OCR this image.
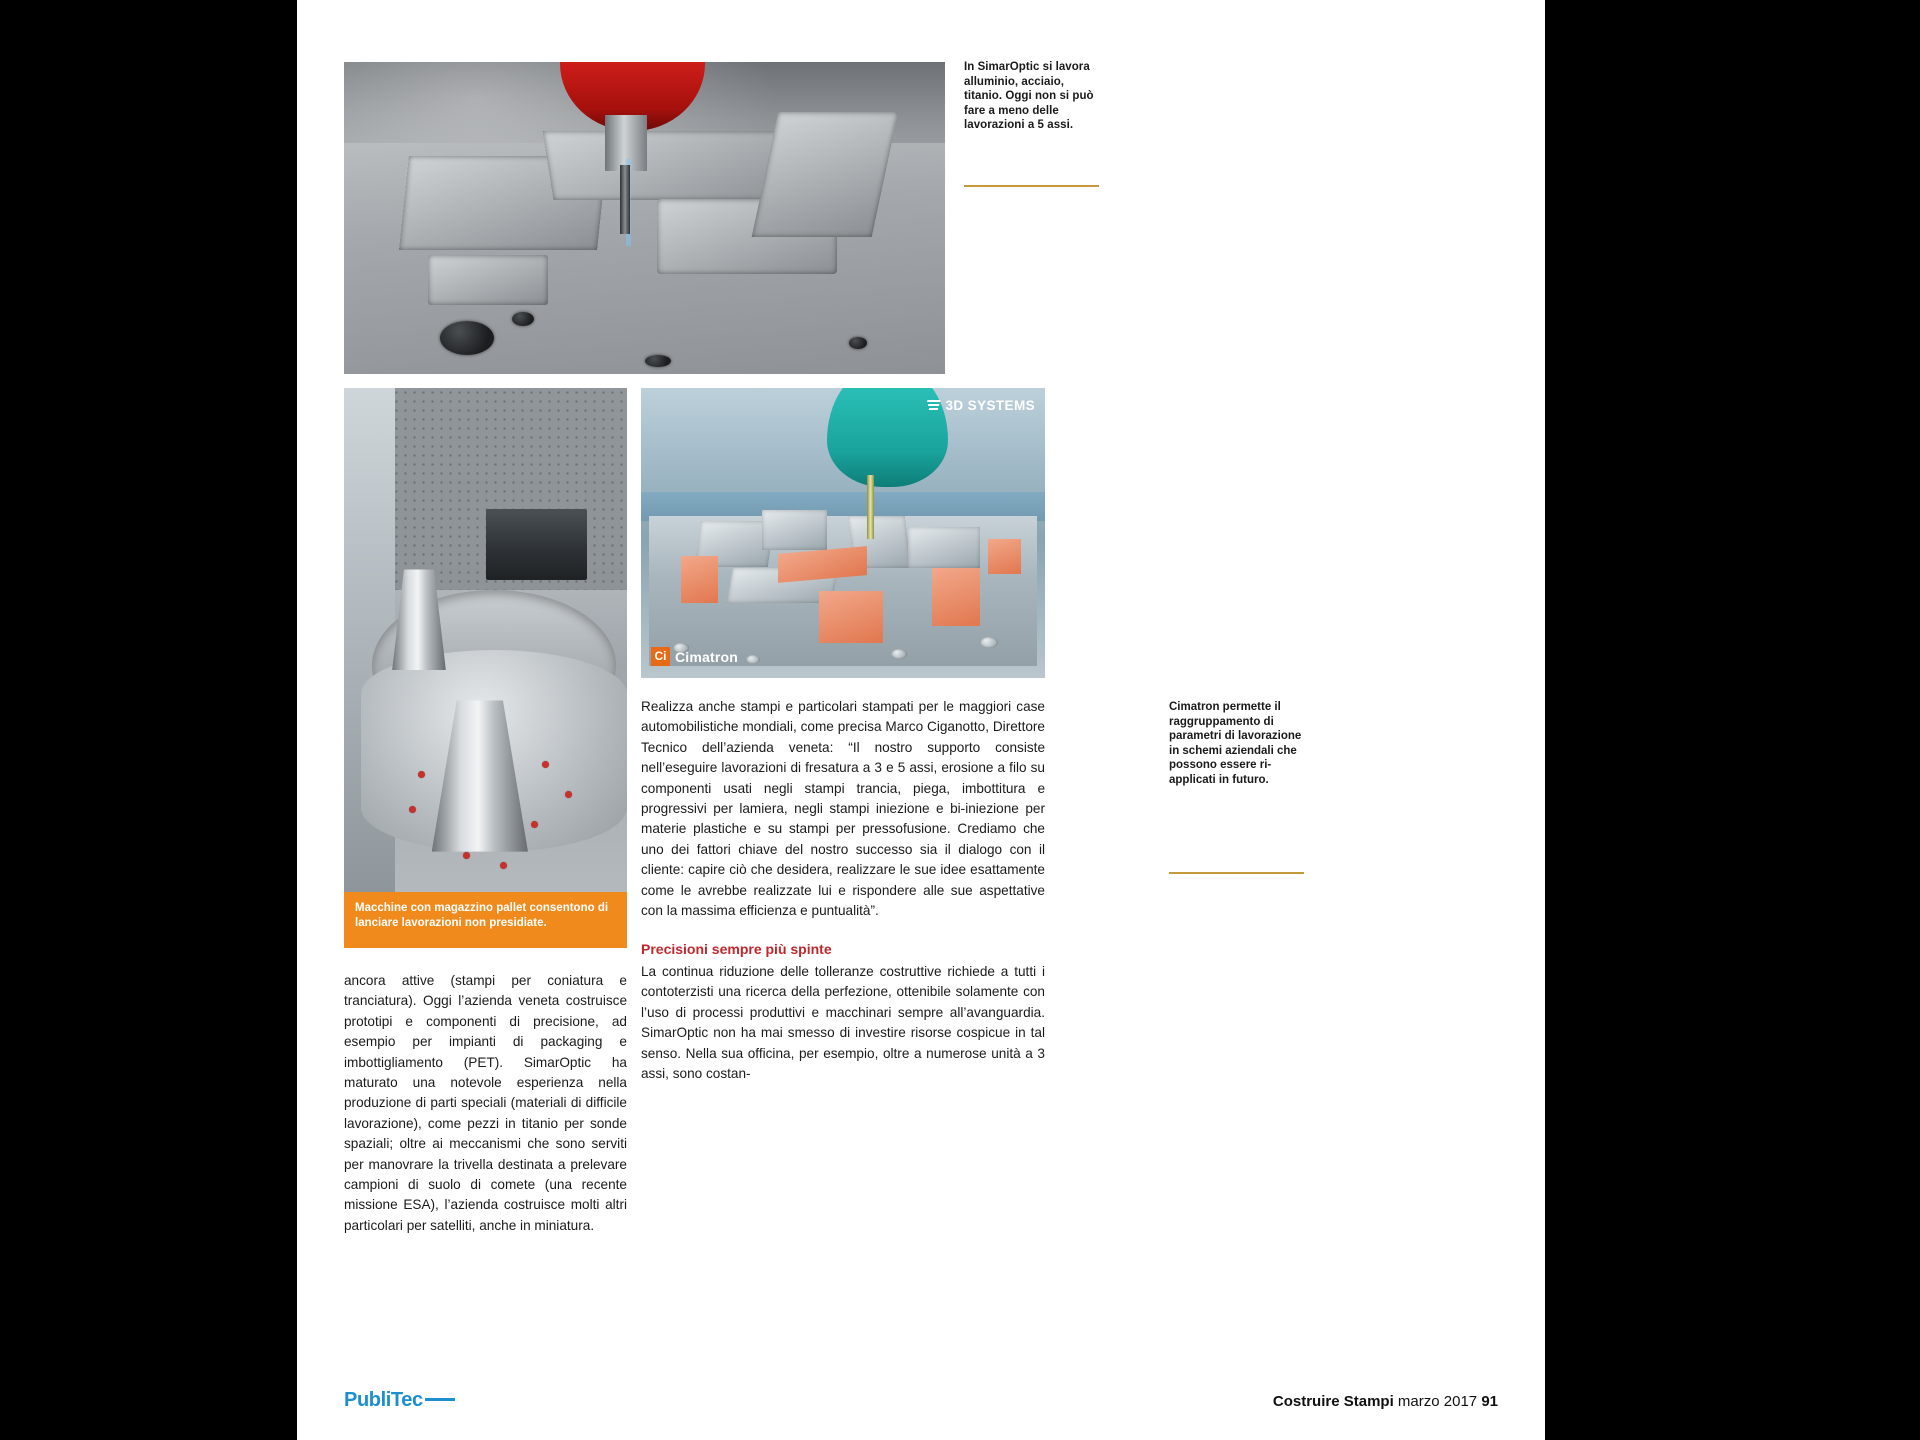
In SimarOptic si lavora alluminio, acciaio, titanio. Oggi non si può fare a meno delle lavorazioni a 5 assi.
Macchine con magazzino pallet consentono di lanciare lavorazioni non presidiate.
3D SYSTEMS
Ci Cimatron
ancora attive (stampi per coniatura e tranciatura). Oggi l’azienda veneta costruisce prototipi e componenti di precisione, ad esempio per impianti di packaging e imbottigliamento (PET). SimarOptic ha maturato una notevole esperienza nella produzione di parti speciali (materiali di difficile lavorazione), come pezzi in titanio per sonde spaziali; oltre ai meccanismi che sono serviti per manovrare la trivella destinata a prelevare campioni di suolo di comete (una recente missione ESA), l’azienda costruisce molti altri particolari per satelliti, anche in miniatura.

Realizza anche stampi e particolari stampati per le maggiori case automobilistiche mondiali, come precisa Marco Ciganotto, Direttore Tecnico dell’azienda veneta: “Il nostro supporto consiste nell’eseguire lavorazioni di fresatura a 3 e 5 assi, erosione a filo su componenti usati negli stampi trancia, piega, imbottitura e progressivi per lamiera, negli stampi iniezione e bi-iniezione per materie plastiche e su stampi per pressofusione. Crediamo che uno dei fattori chiave del nostro successo sia il dialogo con il cliente: capire ciò che desidera, realizzare le sue idee esattamente come le avrebbe realizzate lui e rispondere alle sue aspettative con la massima efficienza e puntualità”.

Precisioni sempre più spinte

La continua riduzione delle tolleranze costruttive richiede a tutti i contoterzisti una ricerca della perfezione, ottenibile solamente con l’uso di processi produttivi e macchinari sempre all’avanguardia. SimarOptic non ha mai smesso di investire risorse cospicue in tal senso. Nella sua officina, per esempio, oltre a numerose unità a 3 assi, sono costan-

Cimatron permette il raggruppamento di parametri di lavorazione in schemi aziendali che possono essere ri-applicati in futuro.
PubliTec	Costruire Stampi marzo 2017 91
